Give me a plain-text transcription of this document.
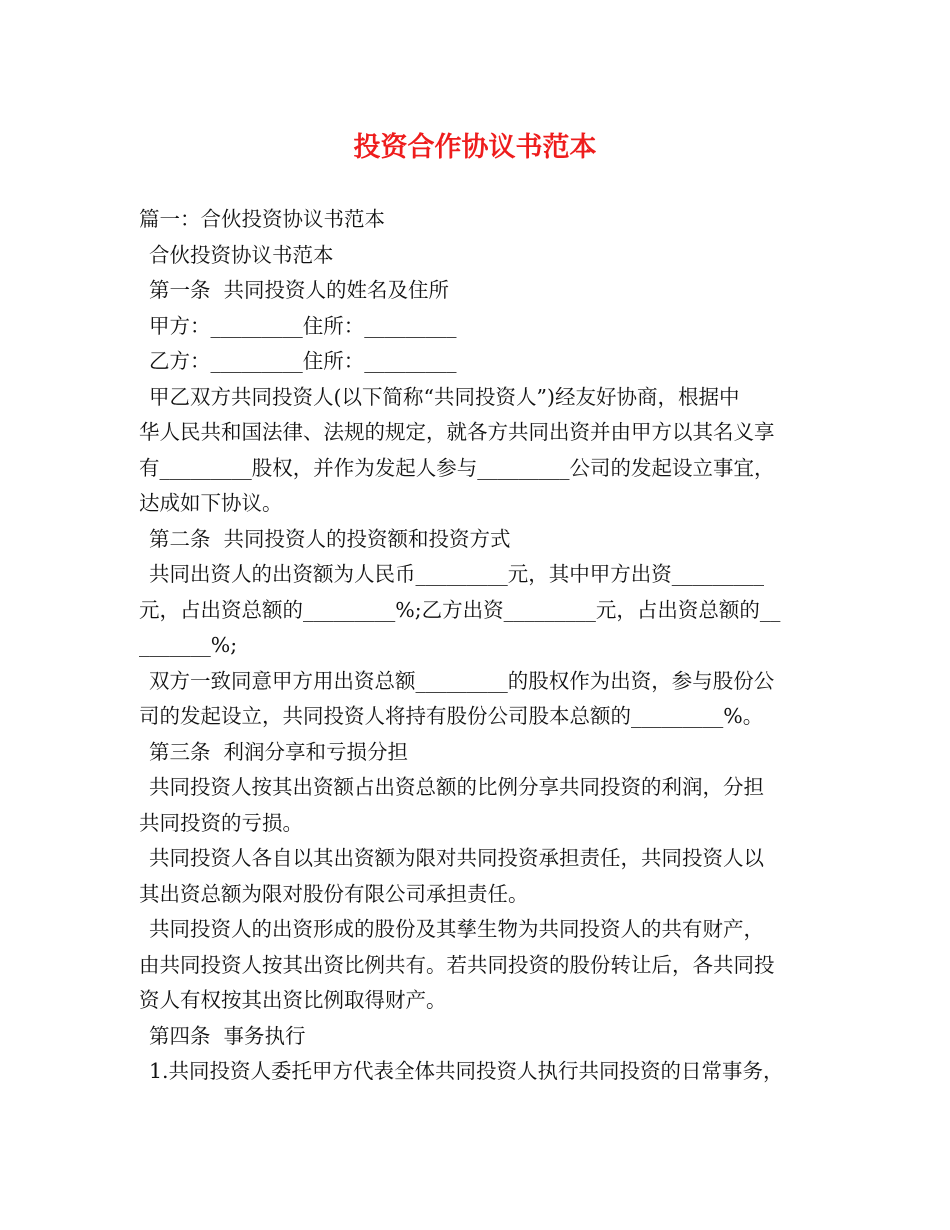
投资合作协议书范本

篇一：合伙投资协议书范本

合伙投资协议书范本

第一条  共同投资人的姓名及住所

甲方：_________住所：_________

乙方：_________住所：_________

甲乙双方共同投资人(以下简称“共同投资人”)经友好协商，根据中

华人民共和国法律、法规的规定，就各方共同出资并由甲方以其名义享

有_________股权，并作为发起人参与_________公司的发起设立事宜，

达成如下协议。

第二条  共同投资人的投资额和投资方式

共同出资人的出资额为人民币_________元，其中甲方出资_________

元，占出资总额的_________%;乙方出资_________元，占出资总额的__

_______%;

双方一致同意甲方用出资总额_________的股权作为出资，参与股份公

司的发起设立，共同投资人将持有股份公司股本总额的_________%。

第三条  利润分享和亏损分担

共同投资人按其出资额占出资总额的比例分享共同投资的利润，分担

共同投资的亏损。

共同投资人各自以其出资额为限对共同投资承担责任，共同投资人以

其出资总额为限对股份有限公司承担责任。

共同投资人的出资形成的股份及其孳生物为共同投资人的共有财产，

由共同投资人按其出资比例共有。若共同投资的股份转让后，各共同投

资人有权按其出资比例取得财产。

第四条  事务执行

1.共同投资人委托甲方代表全体共同投资人执行共同投资的日常事务，
